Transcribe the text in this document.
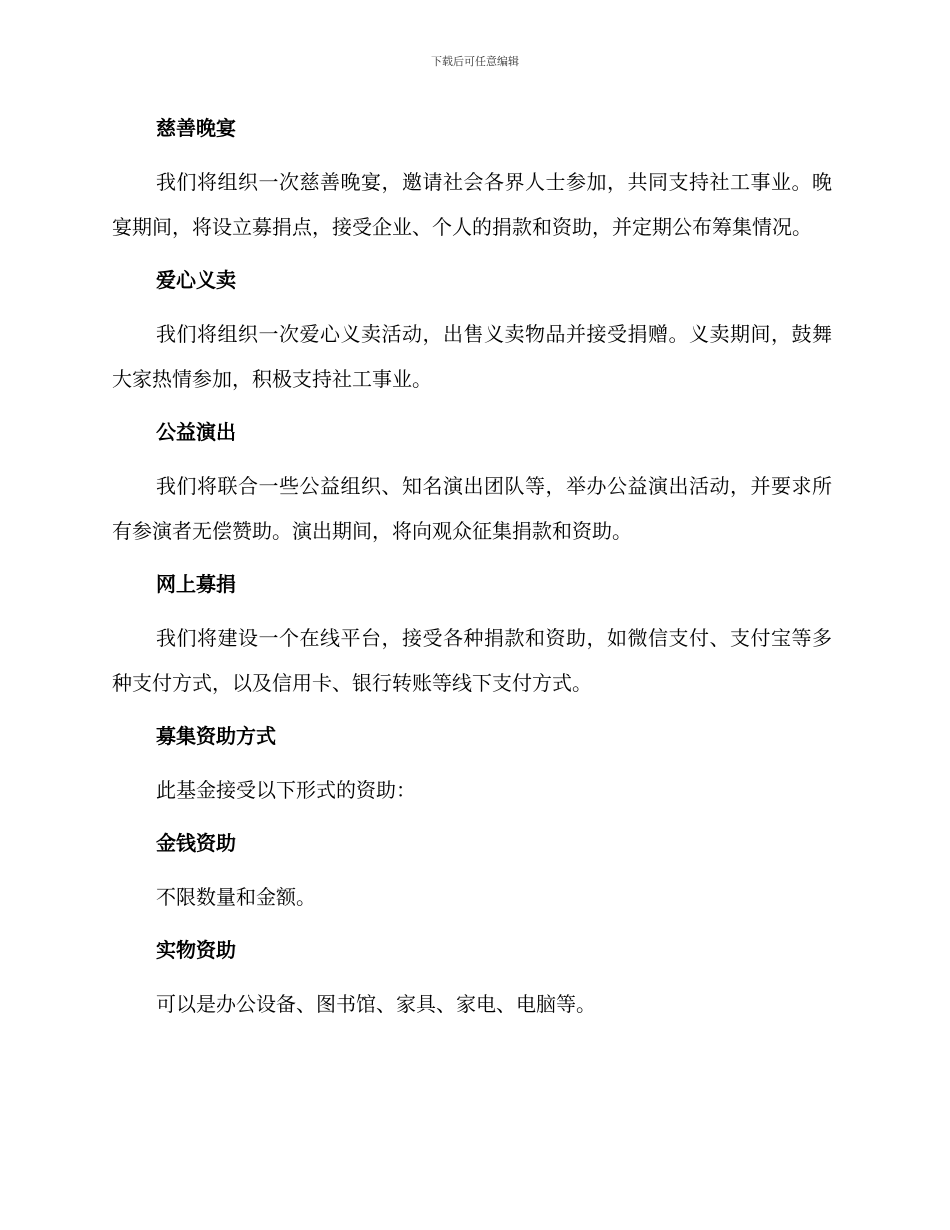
下载后可任意编辑
慈善晚宴

我们将组织一次慈善晚宴，邀请社会各界人士参加，共同支持社工事业。晚宴期间，将设立募捐点，接受企业、个人的捐款和资助，并定期公布筹集情况。

爱心义卖

我们将组织一次爱心义卖活动，出售义卖物品并接受捐赠。义卖期间，鼓舞大家热情参加，积极支持社工事业。

公益演出

我们将联合一些公益组织、知名演出团队等，举办公益演出活动，并要求所有参演者无偿赞助。演出期间，将向观众征集捐款和资助。

网上募捐

我们将建设一个在线平台，接受各种捐款和资助，如微信支付、支付宝等多种支付方式，以及信用卡、银行转账等线下支付方式。

募集资助方式

此基金接受以下形式的资助：

金钱资助

不限数量和金额。

实物资助

可以是办公设备、图书馆、家具、家电、电脑等。
